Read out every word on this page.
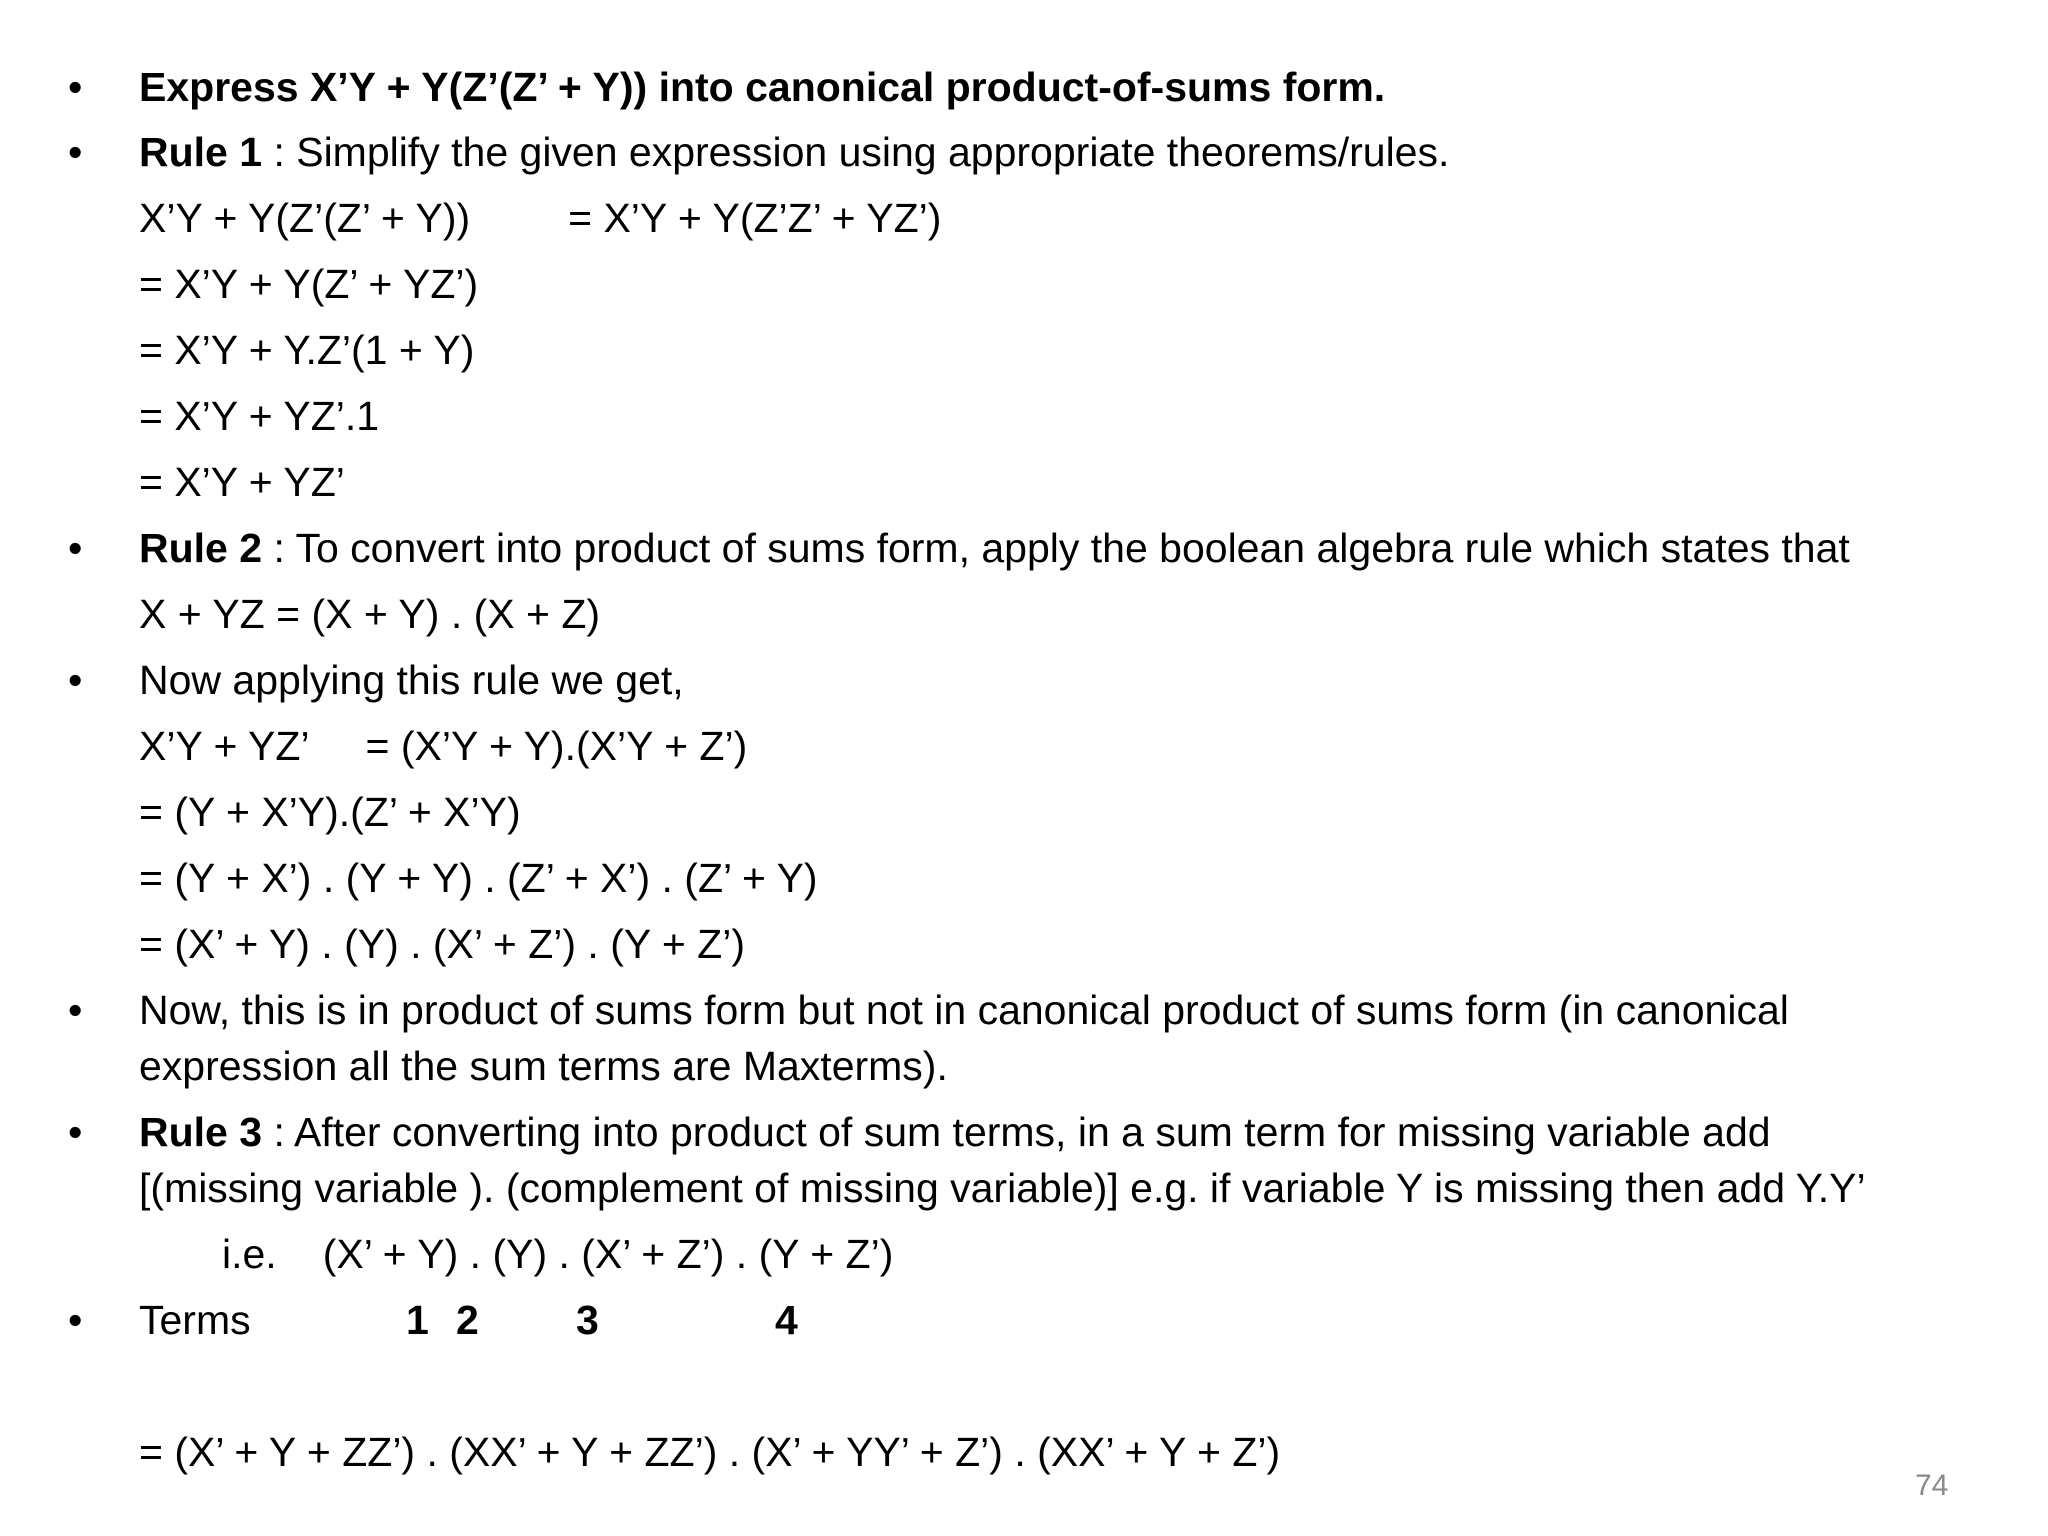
• Express X’Y + Y(Z’(Z’ + Y)) into canonical product-of-sums form.
• Rule 1 : Simplify the given expression using appropriate theorems/rules.
X’Y + Y(Z’(Z’ + Y)) = X’Y + Y(Z’Z’ + YZ’)
= X’Y + Y(Z’ + YZ’)
= X’Y + Y.Z’(1 + Y)
= X’Y + YZ’.1
= X’Y + YZ’
• Rule 2 : To convert into product of sums form, apply the boolean algebra rule which states that
X + YZ = (X + Y) . (X + Z)
• Now applying this rule we get,
X’Y + YZ’ = (X’Y + Y).(X’Y + Z’)
= (Y + X’Y).(Z’ + X’Y)
= (Y + X’) . (Y + Y) . (Z’ + X’) . (Z’ + Y)
= (X’ + Y) . (Y) . (X’ + Z’) . (Y + Z’)
• Now, this is in product of sums form but not in canonical product of sums form (in canonical
expression all the sum terms are Maxterms).
• Rule 3 : After converting into product of sum terms, in a sum term for missing variable add
[(missing variable ). (complement of missing variable)] e.g. if variable Y is missing then add Y.Y’
i.e. (X’ + Y) . (Y) . (X’ + Z’) . (Y + Z’)
• Terms	1 2 3	4
= (X’ + Y + ZZ’) . (XX’ + Y + ZZ’) . (X’ + YY’ + Z’) . (XX’ + Y + Z’)
74
